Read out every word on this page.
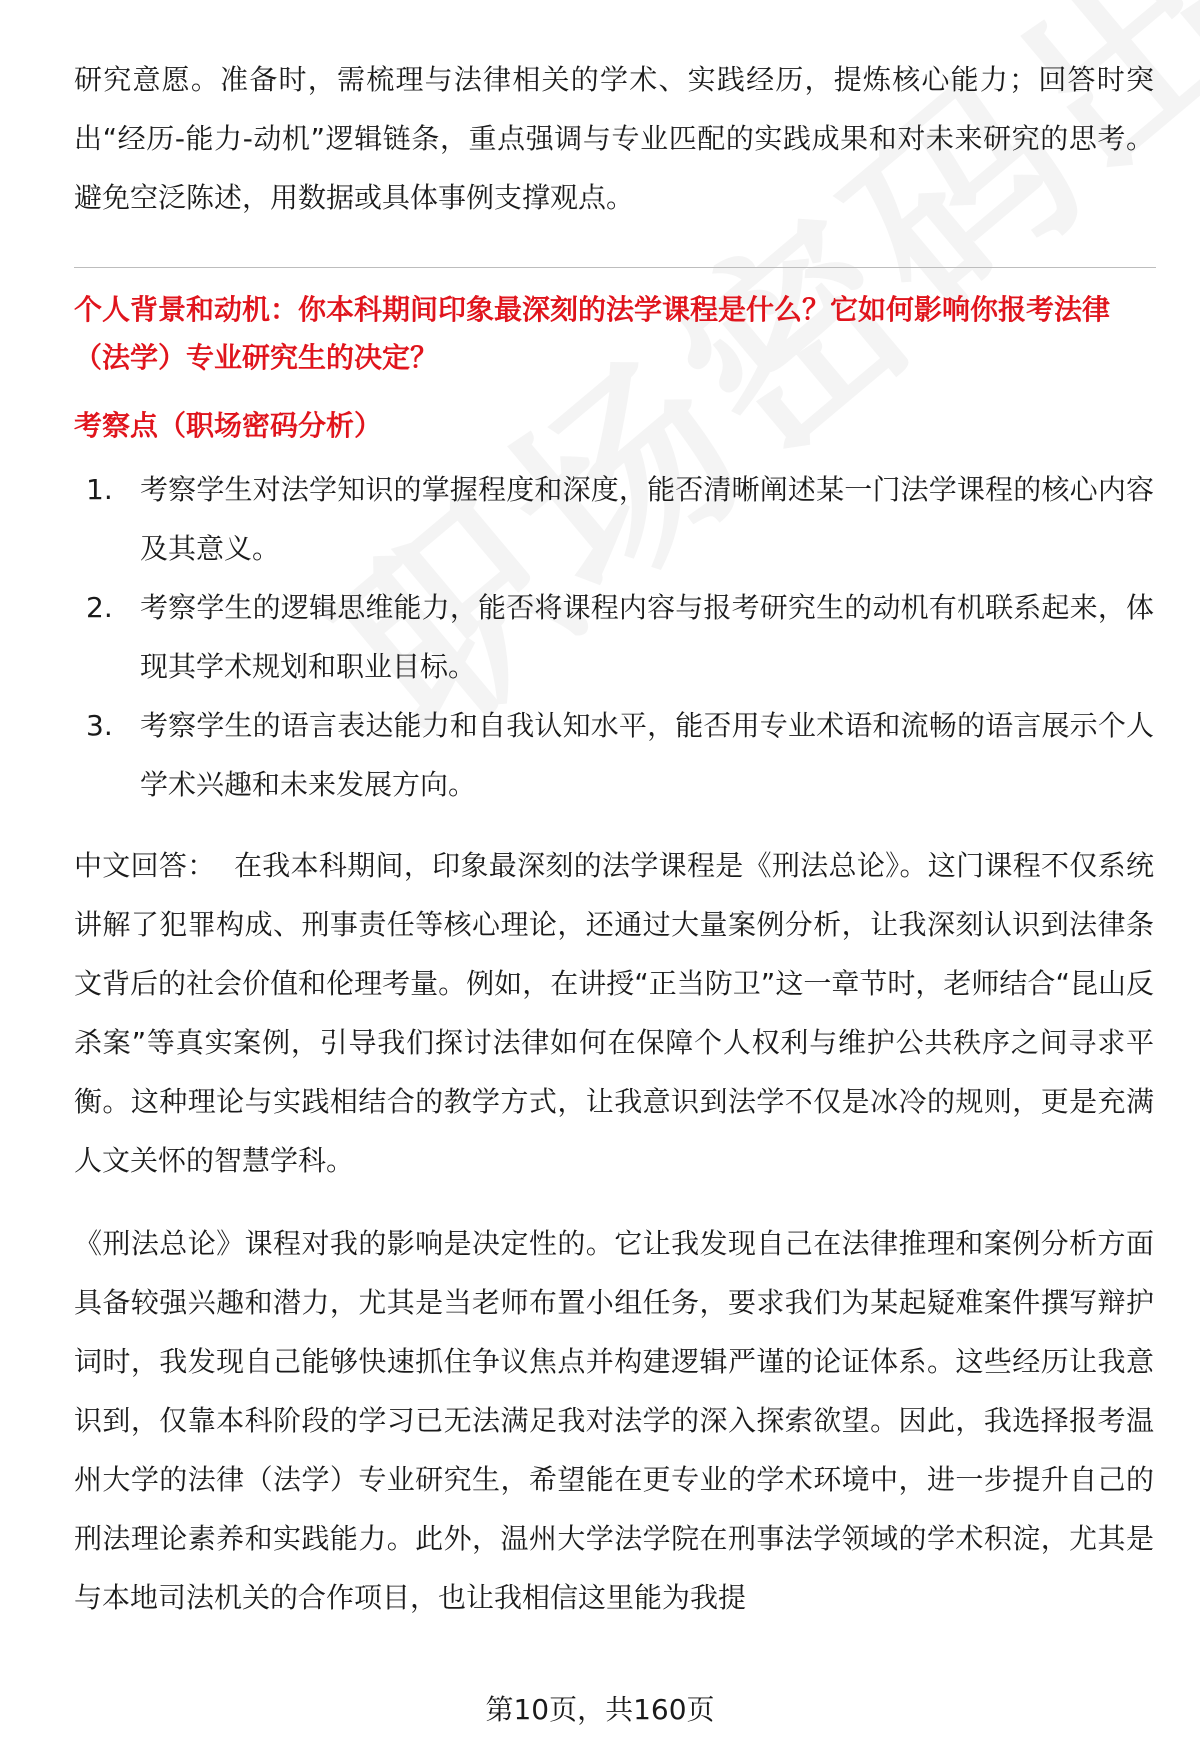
研究意愿。准备时，需梳理与法律相关的学术、实践经历，提炼核心能力；回答时突出“经历-能力-动机”逻辑链条，重点强调与专业匹配的实践成果和对未来研究的思考。避免空泛陈述，用数据或具体事例支撑观点。

个人背景和动机：你本科期间印象最深刻的法学课程是什么？它如何影响你报考法律（法学）专业研究生的决定？

考察点（职场密码分析）

1. 考察学生对法学知识的掌握程度和深度，能否清晰阐述某一门法学课程的核心内容及其意义。
2. 考察学生的逻辑思维能力，能否将课程内容与报考研究生的动机有机联系起来，体现其学术规划和职业目标。
3. 考察学生的语言表达能力和自我认知水平，能否用专业术语和流畅的语言展示个人学术兴趣和未来发展方向。

中文回答： 在我本科期间，印象最深刻的法学课程是《刑法总论》。这门课程不仅系统讲解了犯罪构成、刑事责任等核心理论，还通过大量案例分析，让我深刻认识到法律条文背后的社会价值和伦理考量。例如，在讲授“正当防卫”这一章节时，老师结合“昆山反杀案”等真实案例，引导我们探讨法律如何在保障个人权利与维护公共秩序之间寻求平衡。这种理论与实践相结合的教学方式，让我意识到法学不仅是冰冷的规则，更是充满人文关怀的智慧学科。

《刑法总论》课程对我的影响是决定性的。它让我发现自己在法律推理和案例分析方面具备较强兴趣和潜力，尤其是当老师布置小组任务，要求我们为某起疑难案件撰写辩护词时，我发现自己能够快速抓住争议焦点并构建逻辑严谨的论证体系。这些经历让我意识到，仅靠本科阶段的学习已无法满足我对法学的深入探索欲望。因此，我选择报考温州大学的法律（法学）专业研究生，希望能在更专业的学术环境中，进一步提升自己的刑法理论素养和实践能力。此外，温州大学法学院在刑事法学领域的学术积淀，尤其是与本地司法机关的合作项目，也让我相信这里能为我提

第10页，共160页
